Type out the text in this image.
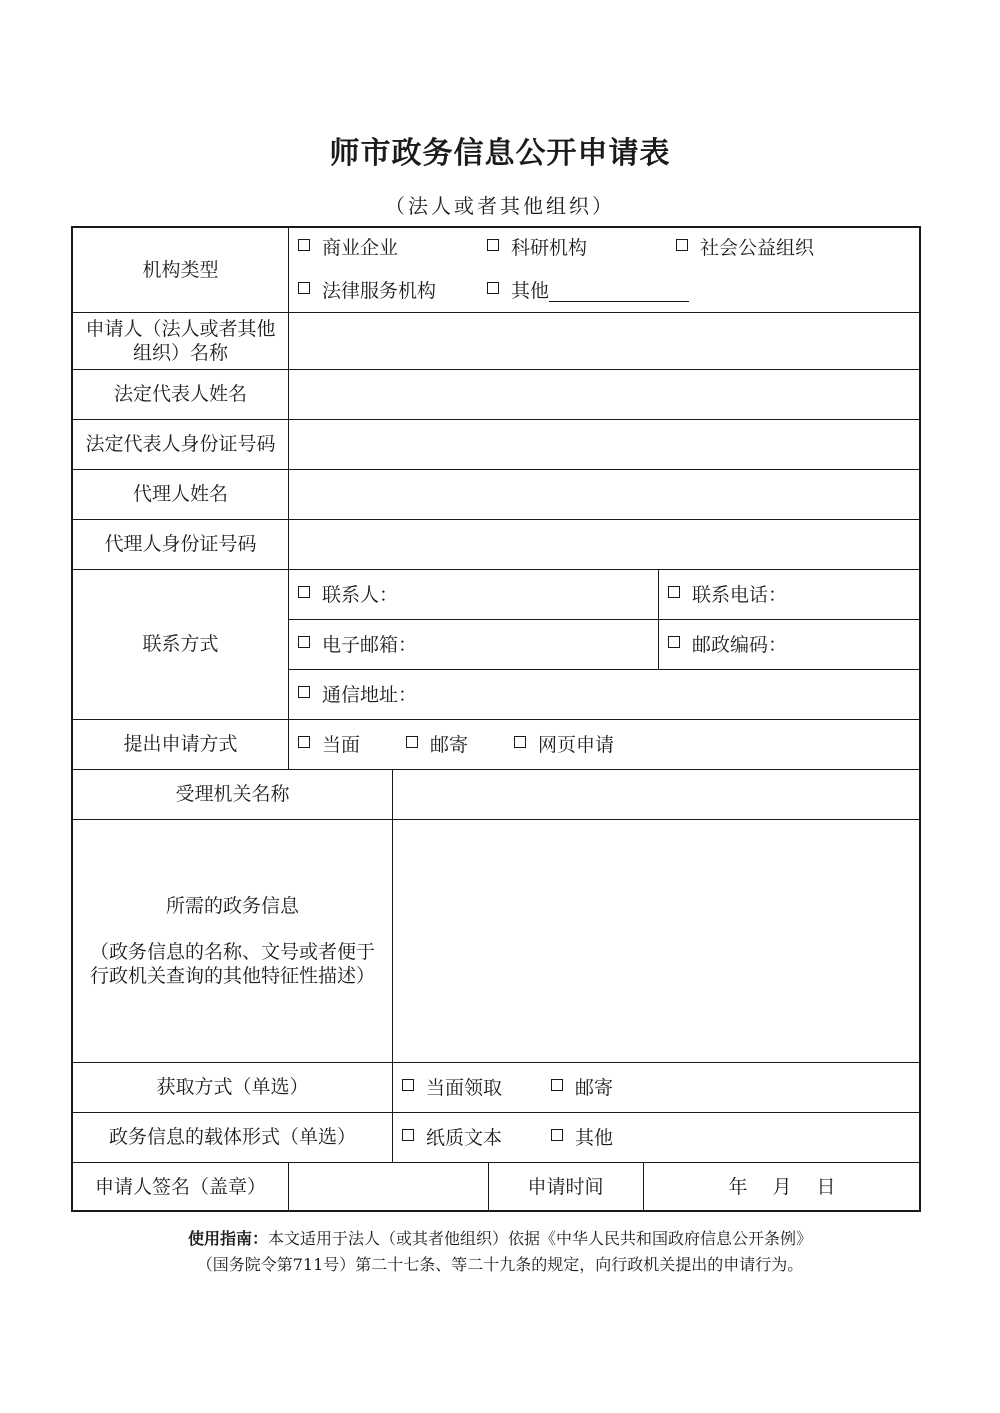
师市政务信息公开申请表
（法人或者其他组织）
机构类型
商业企业	科研机构	社会公益组织
法律服务机构	其他
申请人（法人或者其他组织）名称
法定代表人姓名
法定代表人身份证号码
代理人姓名
代理人身份证号码
联系方式
联系人：	联系电话：
电子邮箱：	邮政编码：
通信地址：
提出申请方式	当面	邮寄	网页申请
受理机关名称
所需的政务信息
（政务信息的名称、文号或者便于行政机关查询的其他特征性描述）
获取方式（单选）	当面领取	邮寄
政务信息的载体形式（单选）	纸质文本	其他
申请人签名（盖章）	申请时间	年　 月　 日
使用指南：本文适用于法人（或其者他组织）依据《中华人民共和国政府信息公开条例》
（国务院令第711号）第二十七条、等二十九条的规定，向行政机关提出的申请行为。
